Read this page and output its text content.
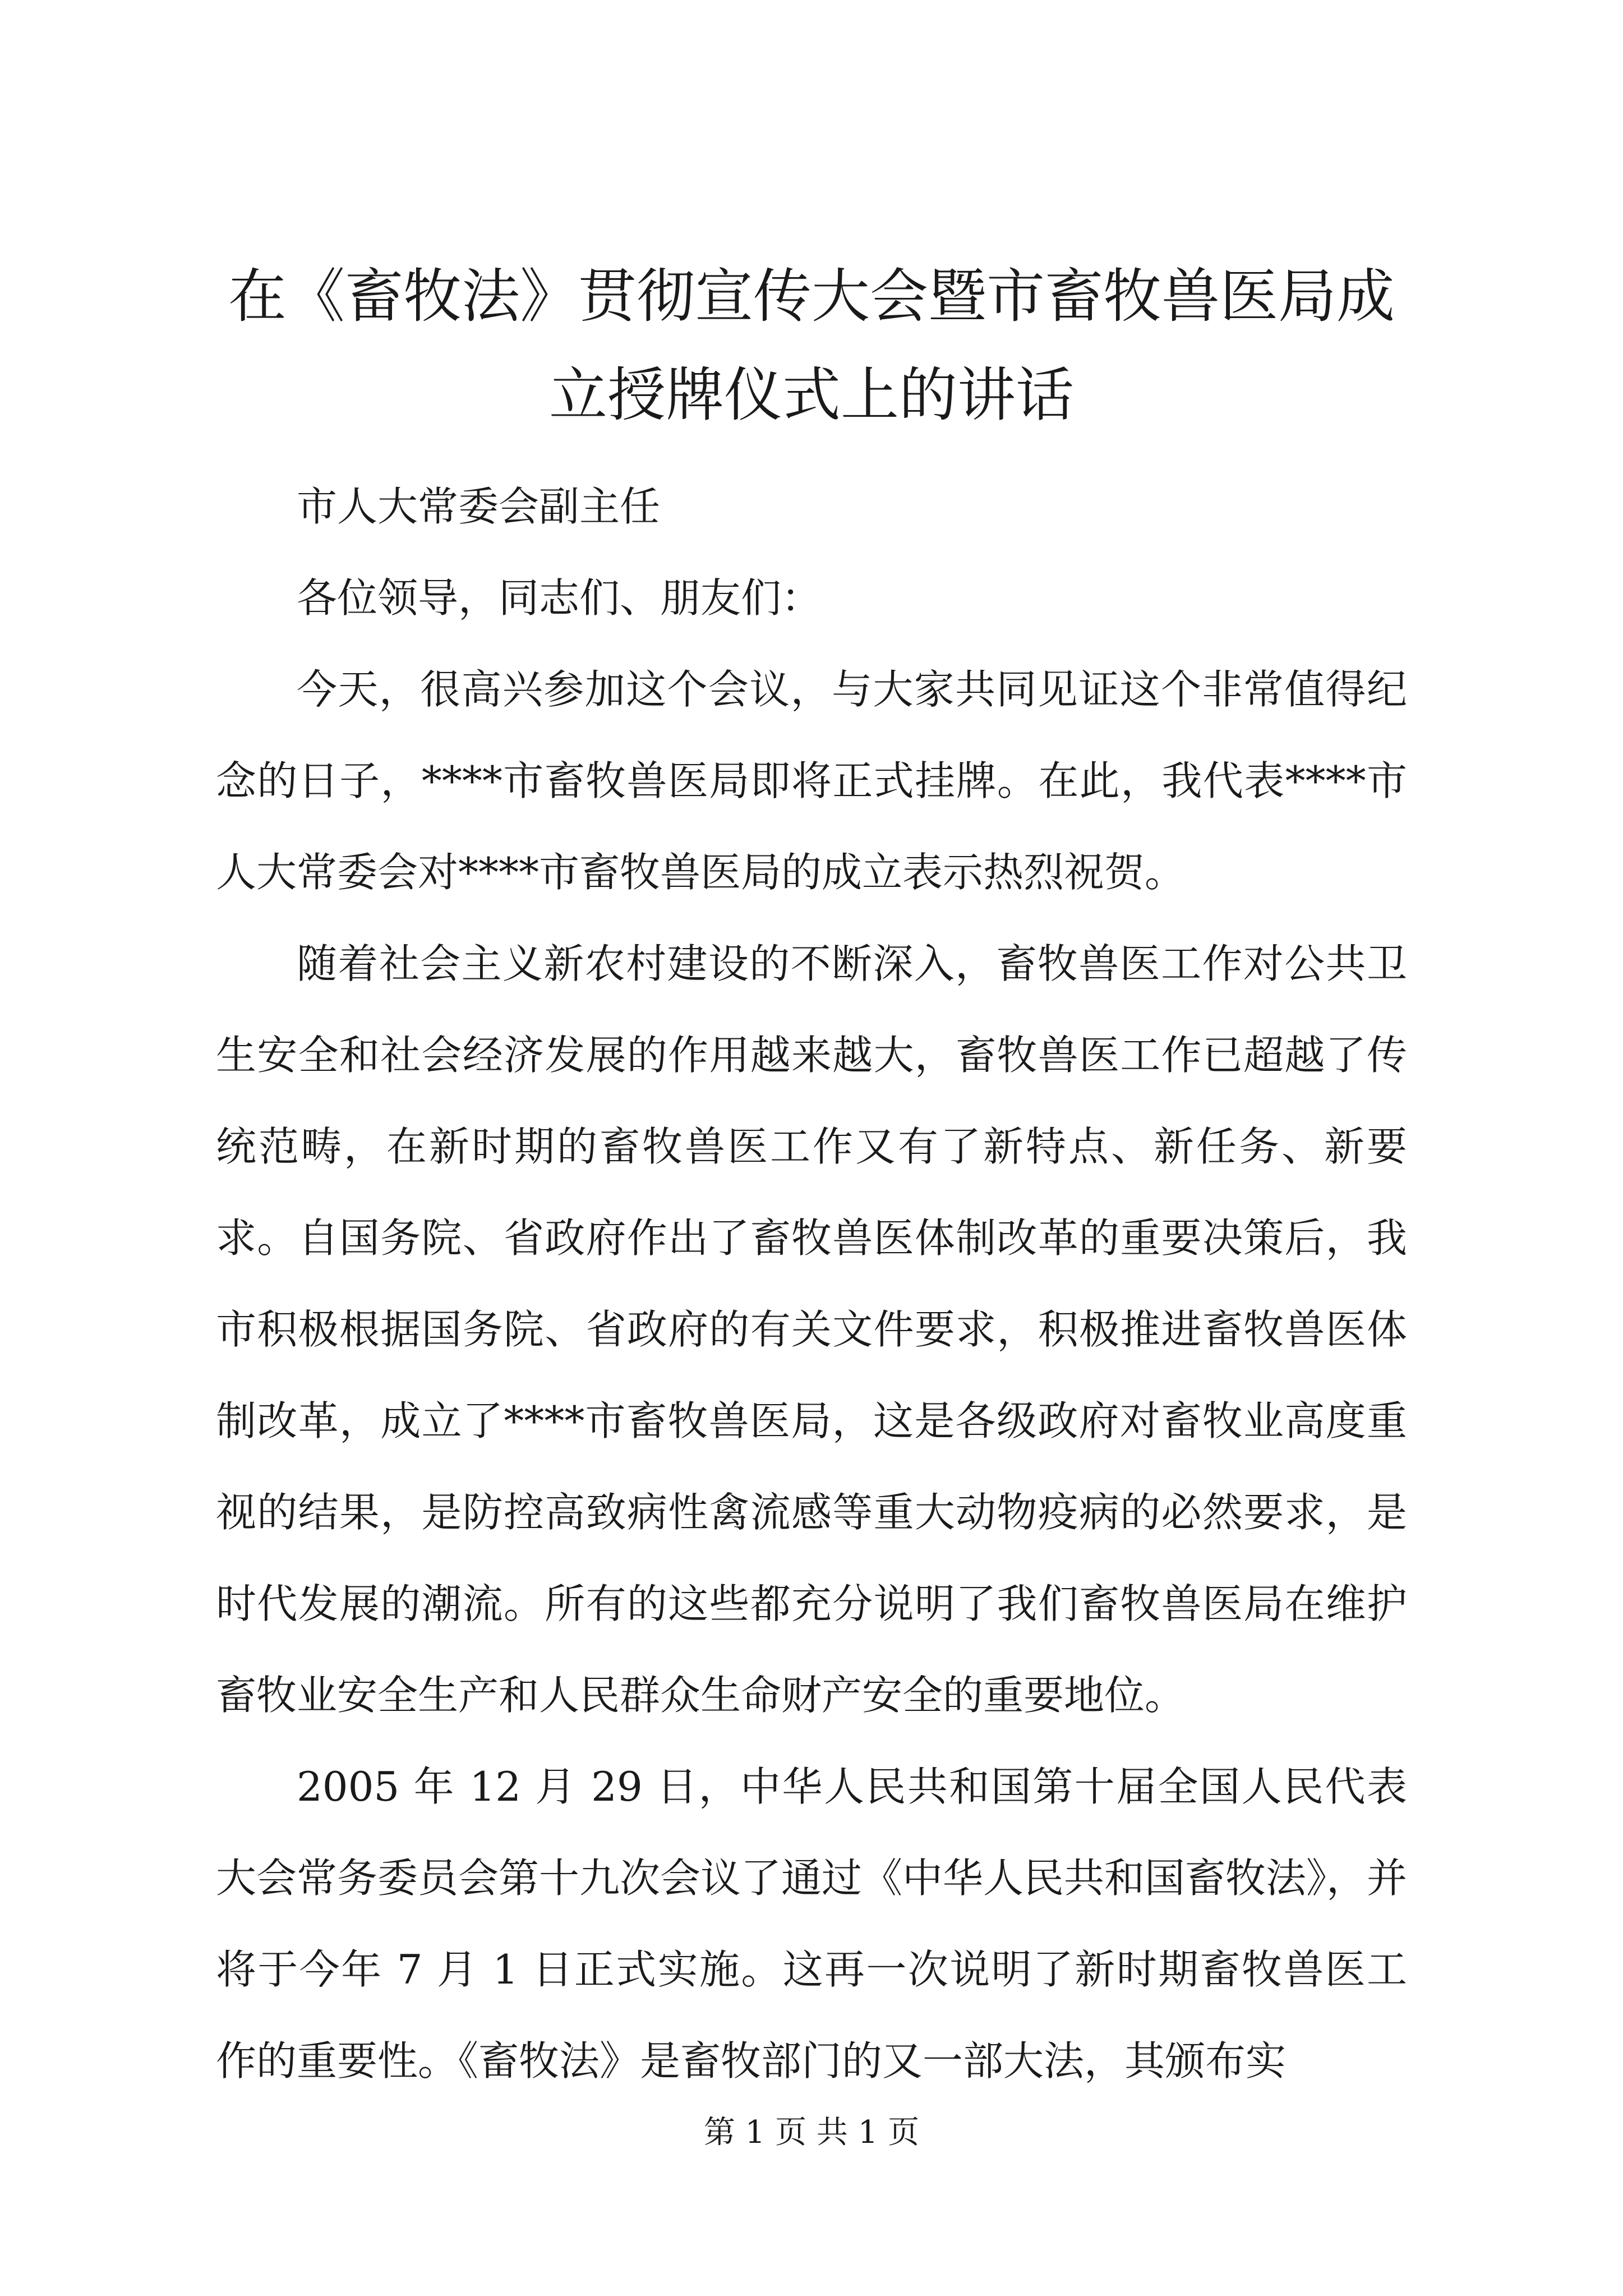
在《畜牧法》贯彻宣传大会暨市畜牧兽医局成立授牌仪式上的讲话

市人大常委会副主任

各位领导，同志们、朋友们：

今天，很高兴参加这个会议，与大家共同见证这个非常值得纪念的日子，****市畜牧兽医局即将正式挂牌。在此，我代表****市人大常委会对****市畜牧兽医局的成立表示热烈祝贺。

随着社会主义新农村建设的不断深入，畜牧兽医工作对公共卫生安全和社会经济发展的作用越来越大，畜牧兽医工作已超越了传统范畴，在新时期的畜牧兽医工作又有了新特点、新任务、新要求。自国务院、省政府作出了畜牧兽医体制改革的重要决策后，我市积极根据国务院、省政府的有关文件要求，积极推进畜牧兽医体制改革，成立了****市畜牧兽医局，这是各级政府对畜牧业高度重视的结果，是防控高致病性禽流感等重大动物疫病的必然要求，是时代发展的潮流。所有的这些都充分说明了我们畜牧兽医局在维护畜牧业安全生产和人民群众生命财产安全的重要地位。

2005 年 12 月 29 日，中华人民共和国第十届全国人民代表大会常务委员会第十九次会议了通过《中华人民共和国畜牧法》，并将于今年 7 月 1 日正式实施。这再一次说明了新时期畜牧兽医工作的重要性。《畜牧法》是畜牧部门的又一部大法，其颁布实

第 1 页 共 1 页
